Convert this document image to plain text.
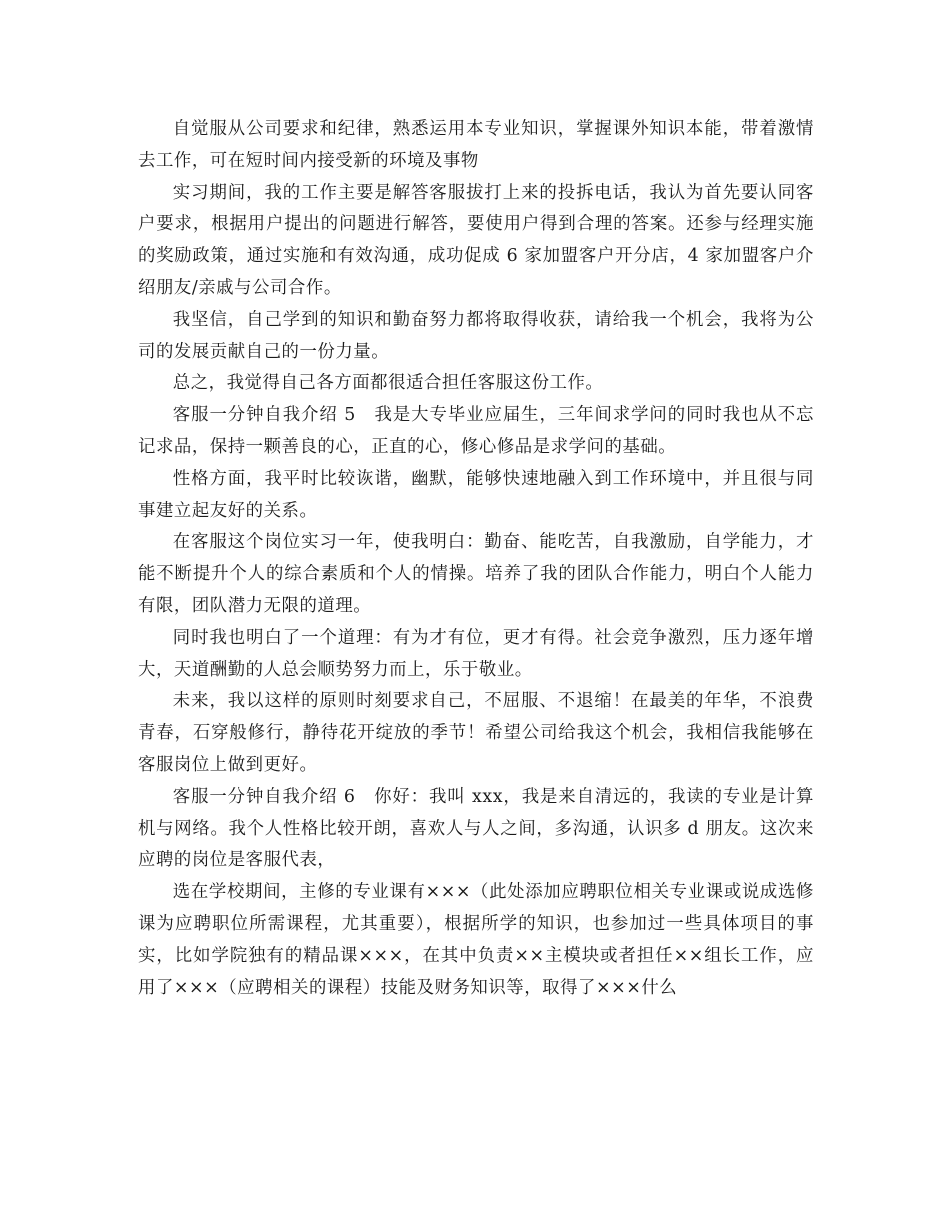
自觉服从公司要求和纪律，熟悉运用本专业知识，掌握课外知识本能，带着激情去工作，可在短时间内接受新的环境及事物

实习期间，我的工作主要是解答客服拔打上来的投拆电话，我认为首先要认同客户要求，根据用户提出的问题进行解答，要使用户得到合理的答案。还参与经理实施的奖励政策，通过实施和有效沟通，成功促成 6 家加盟客户开分店，4 家加盟客户介绍朋友/亲戚与公司合作。

我坚信，自己学到的知识和勤奋努力都将取得收获，请给我一个机会，我将为公司的发展贡献自己的一份力量。

总之，我觉得自己各方面都很适合担任客服这份工作。

客服一分钟自我介绍 5　我是大专毕业应届生，三年间求学问的同时我也从不忘记求品，保持一颗善良的心，正直的心，修心修品是求学问的基础。

性格方面，我平时比较诙谐，幽默，能够快速地融入到工作环境中，并且很与同事建立起友好的关系。

在客服这个岗位实习一年，使我明白：勤奋、能吃苦，自我激励，自学能力，才能不断提升个人的综合素质和个人的情操。培养了我的团队合作能力，明白个人能力有限，团队潜力无限的道理。

同时我也明白了一个道理：有为才有位，更才有得。社会竞争激烈，压力逐年增大，天道酬勤的人总会顺势努力而上，乐于敬业。

未来，我以这样的原则时刻要求自己，不屈服、不退缩！在最美的年华，不浪费青春，石穿般修行，静待花开绽放的季节！希望公司给我这个机会，我相信我能够在客服岗位上做到更好。

客服一分钟自我介绍 6　你好：我叫 xxx，我是来自清远的，我读的专业是计算机与网络。我个人性格比较开朗，喜欢人与人之间，多沟通，认识多 d 朋友。这次来应聘的岗位是客服代表，

选在学校期间，主修的专业课有×××（此处添加应聘职位相关专业课或说成选修课为应聘职位所需课程，尤其重要），根据所学的知识，也参加过一些具体项目的事实，比如学院独有的精品课×××，在其中负责××主模块或者担任××组长工作，应用了×××（应聘相关的课程）技能及财务知识等，取得了×××什么
